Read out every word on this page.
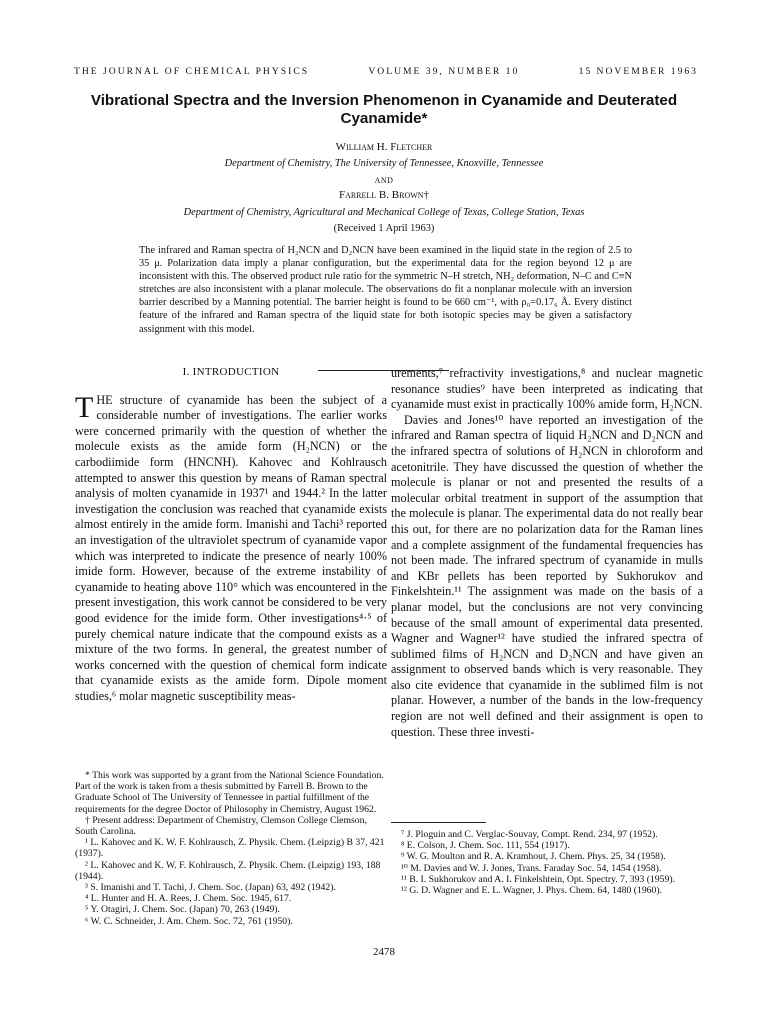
THE JOURNAL OF CHEMICAL PHYSICS	VOLUME 39, NUMBER 10	15 NOVEMBER 1963
Vibrational Spectra and the Inversion Phenomenon in Cyanamide and Deuterated Cyanamide*
William H. Fletcher
Department of Chemistry, The University of Tennessee, Knoxville, Tennessee
AND
Farrell B. Brown†
Department of Chemistry, Agricultural and Mechanical College of Texas, College Station, Texas
(Received 1 April 1963)
The infrared and Raman spectra of H₂NCN and D₂NCN have been examined in the liquid state in the region of 2.5 to 35 μ. Polarization data imply a planar configuration, but the experimental data for the region beyond 12 μ are inconsistent with this. The observed product rule ratio for the symmetric N–H stretch, NH₂ deformation, N–C and C≡N stretches are also inconsistent with a planar molecule. The observations do fit a nonplanar molecule with an inversion barrier described by a Manning potential. The barrier height is found to be 660 cm⁻¹, with ρ₀=0.17₆ Å. Every distinct feature of the infrared and Raman spectra of the liquid state for both isotopic species may be given a satisfactory assignment with this model.
I. INTRODUCTION

THE structure of cyanamide has been the subject of a considerable number of investigations. The earlier works were concerned primarily with the question of whether the molecule exists as the amide form (H₂NCN) or the carbodiimide form (HNCNH). Kahovec and Kohlrausch attempted to answer this question by means of Raman spectral analysis of molten cyanamide in 1937¹ and 1944.² In the latter investigation the conclusion was reached that cyanamide exists almost entirely in the amide form. Imanishi and Tachi³ reported an investigation of the ultraviolet spectrum of cyanamide vapor which was interpreted to indicate the presence of nearly 100% imide form. However, because of the extreme instability of cyanamide to heating above 110° which was encountered in the present investigation, this work cannot be considered to be very good evidence for the imide form. Other investigations⁴·⁵ of purely chemical nature indicate that the compound exists as a mixture of the two forms. In general, the greatest number of works concerned with the question of chemical form indicate that cyanamide exists as the amide form. Dipole moment studies,⁶ molar magnetic susceptibility meas-

urements,⁷ refractivity investigations,⁸ and nuclear magnetic resonance studies⁹ have been interpreted as indicating that cyanamide must exist in practically 100% amide form, H₂NCN.

Davies and Jones¹⁰ have reported an investigation of the infrared and Raman spectra of liquid H₂NCN and D₂NCN and the infrared spectra of solutions of H₂NCN in chloroform and acetonitrile. They have discussed the question of whether the molecule is planar or not and presented the results of a molecular orbital treatment in support of the assumption that the molecule is planar. The experimental data do not really bear this out, for there are no polarization data for the Raman lines and a complete assignment of the fundamental frequencies has not been made. The infrared spectrum of cyanamide in mulls and KBr pellets has been reported by Sukhorukov and Finkelshtein.¹¹ The assignment was made on the basis of a planar model, but the conclusions are not very convincing because of the small amount of experimental data presented. Wagner and Wagner¹² have studied the infrared spectra of sublimed films of H₂NCN and D₂NCN and have given an assignment to observed bands which is very reasonable. They also cite evidence that cyanamide in the sublimed film is not planar. However, a number of the bands in the low-frequency region are not well defined and their assignment is open to question. These three investi-

* This work was supported by a grant from the National Science Foundation. Part of the work is taken from a thesis submitted by Farrell B. Brown to the Graduate School of The University of Tennessee in partial fulfillment of the requirements for the degree Doctor of Philosophy in Chemistry, August 1962.

† Present address: Department of Chemistry, Clemson College Clemson, South Carolina.

¹ L. Kahovec and K. W. F. Kohlrausch, Z. Physik. Chem. (Leipzig) B 37, 421 (1937).

² L. Kahovec and K. W. F. Kohlrausch, Z. Physik. Chem. (Leipzig) 193, 188 (1944).

³ S. Imanishi and T. Tachi, J. Chem. Soc. (Japan) 63, 492 (1942).

⁴ L. Hunter and H. A. Rees, J. Chem. Soc. 1945, 617.

⁵ Y. Otagiri, J. Chem. Soc. (Japan) 70, 263 (1949).

⁶ W. C. Schneider, J. Am. Chem. Soc. 72, 761 (1950).

⁷ J. Ploguin and C. Verglac-Souvay, Compt. Rend. 234, 97 (1952).

⁸ E. Colson, J. Chem. Soc. 111, 554 (1917).

⁹ W. G. Moulton and R. A. Kramhout, J. Chem. Phys. 25, 34 (1958).

¹⁰ M. Davies and W. J. Jones, Trans. Faraday Soc. 54, 1454 (1958).

¹¹ B. I. Sukhorukov and A. I. Finkelshtein, Opt. Spectry. 7, 393 (1959).

¹² G. D. Wagner and E. L. Wagner, J. Phys. Chem. 64, 1480 (1960).

2478
